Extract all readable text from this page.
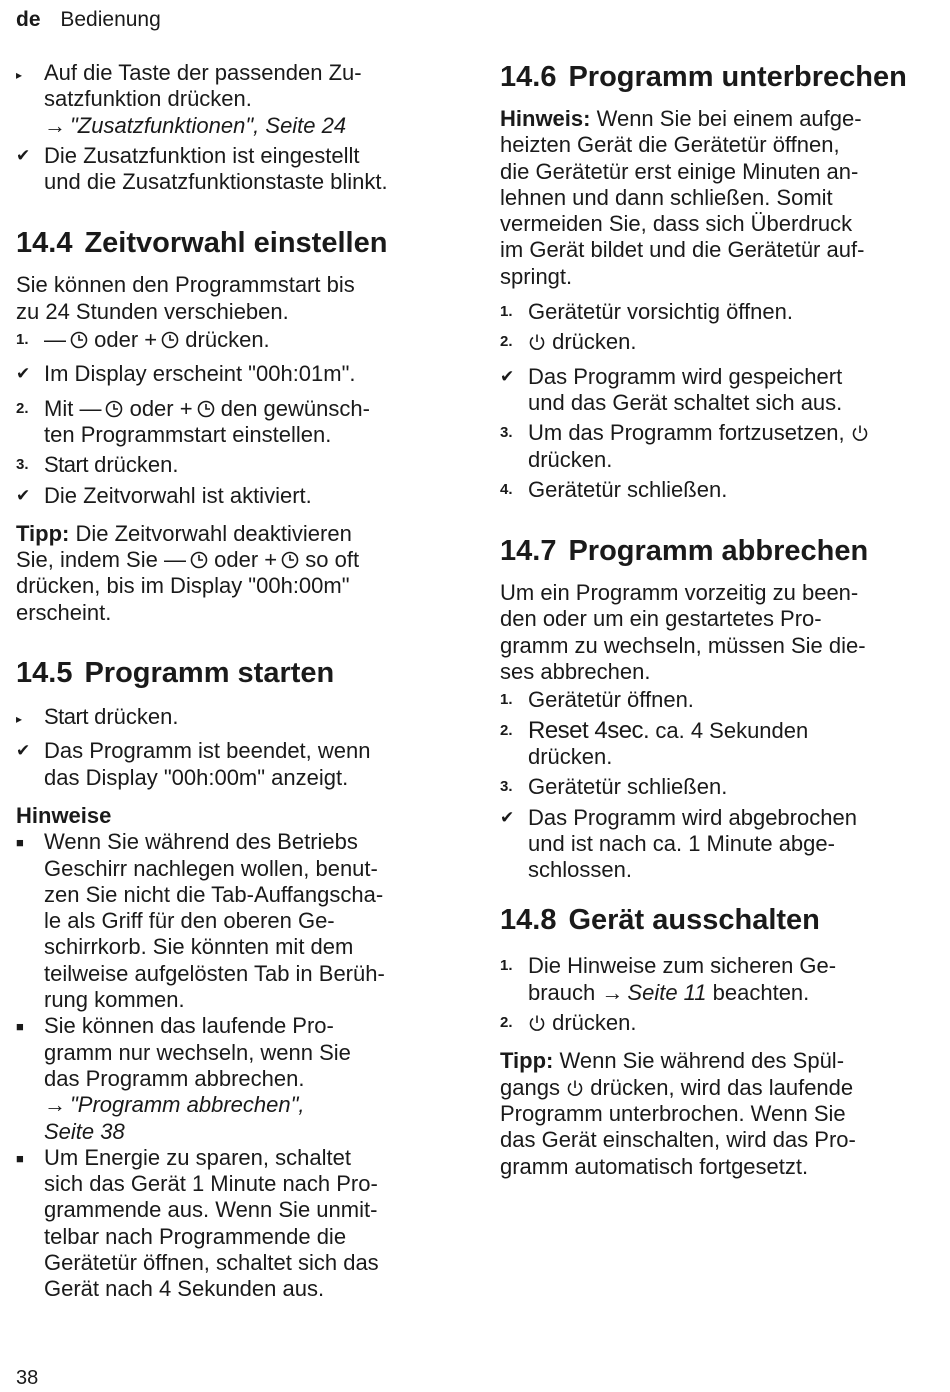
de Bedienung
▸ Auf die Taste der passenden Zu-
satzfunktion drücken.
→ "Zusatzfunktionen", Seite 24
✔ Die Zusatzfunktion ist eingestellt
und die Zusatzfunktionstaste blinkt.
14.4 Zeitvorwahl einstellen
Sie können den Programmstart bis
zu 24 Stunden verschieben.
1. — oder + drücken.
✔ Im Display erscheint "00h:01m".
2. Mit — oder + den gewünsch-
ten Programmstart einstellen.
3. Start drücken.
✔ Die Zeitvorwahl ist aktiviert.
Tipp: Die Zeitvorwahl deaktivieren
Sie, indem Sie — oder + so oft
drücken, bis im Display "00h:00m"
erscheint.
14.5 Programm starten
▸ Start drücken.
✔ Das Programm ist beendet, wenn
das Display "00h:00m" anzeigt.
Hinweise
■ Wenn Sie während des Betriebs
Geschirr nachlegen wollen, benut-
zen Sie nicht die Tab-Auffangscha-
le als Griff für den oberen Ge-
schirrkorb. Sie könnten mit dem
teilweise aufgelösten Tab in Berüh-
rung kommen.
■ Sie können das laufende Pro-
gramm nur wechseln, wenn Sie
das Programm abbrechen.
→ "Programm abbrechen",
Seite 38
■ Um Energie zu sparen, schaltet
sich das Gerät 1 Minute nach Pro-
grammende aus. Wenn Sie unmit-
telbar nach Programmende die
Gerätetür öffnen, schaltet sich das
Gerät nach 4 Sekunden aus.
14.6 Programm unterbrechen
Hinweis: Wenn Sie bei einem aufge-
heizten Gerät die Gerätetür öffnen,
die Gerätetür erst einige Minuten an-
lehnen und dann schließen. Somit
vermeiden Sie, dass sich Überdruck
im Gerät bildet und die Gerätetür auf-
springt.
1. Gerätetür vorsichtig öffnen.
2.	drücken.
✔ Das Programm wird gespeichert
und das Gerät schaltet sich aus.
3. Um das Programm fortzusetzen,
drücken.
4. Gerätetür schließen.
14.7 Programm abbrechen
Um ein Programm vorzeitig zu been-
den oder um ein gestartetes Pro-
gramm zu wechseln, müssen Sie die-
ses abbrechen.
1. Gerätetür öffnen.
2. Reset 4sec. ca. 4 Sekunden
drücken.
3. Gerätetür schließen.
✔ Das Programm wird abgebrochen
und ist nach ca. 1 Minute abge-
schlossen.
14.8 Gerät ausschalten
1. Die Hinweise zum sicheren Ge-
brauch → Seite 11 beachten.
2.	drücken.
Tipp: Wenn Sie während des Spül-
gangs drücken, wird das laufende
Programm unterbrochen. Wenn Sie
das Gerät einschalten, wird das Pro-
gramm automatisch fortgesetzt.
38
